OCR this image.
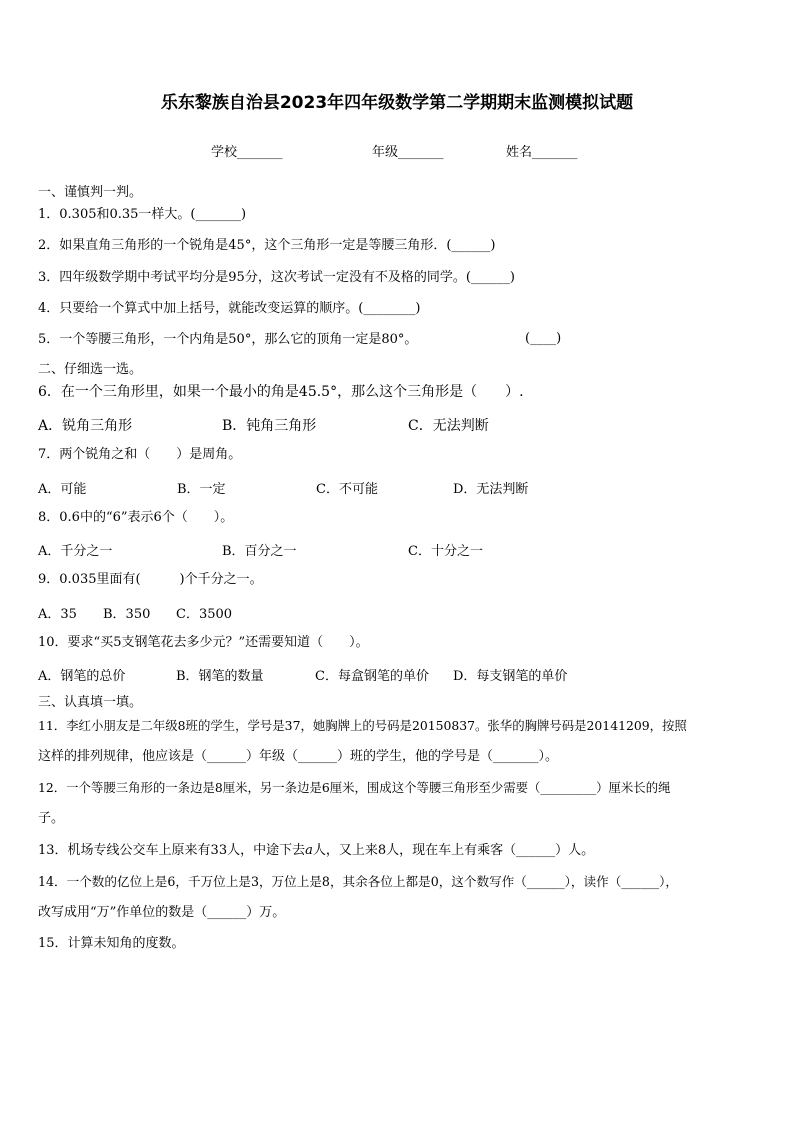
乐东黎族自治县2023年四年级数学第二学期期末监测模拟试题
学校_______	年级_______	姓名_______
一、谨慎判一判。
1．0.305和0.35一样大。(_______)
2．如果直角三角形的一个锐角是45°，这个三角形一定是等腰三角形．(______)
3．四年级数学期中考试平均分是95分，这次考试一定没有不及格的同学。(______)
4．只要给一个算式中加上括号，就能改变运算的顺序。(________)
5．一个等腰三角形，一个内角是50°，那么它的顶角一定是80°。	(____)
二、仔细选一选。
6．在一个三角形里，如果一个最小的角是45.5°，那么这个三角形是（　　）.
A．锐角三角形	B．钝角三角形	C．无法判断
7．两个锐角之和（　　）是周角。
A．可能	B．一定	C．不可能	D．无法判断
8．0.6中的“6”表示6个（　　）。
A．千分之一	B．百分之一	C．十分之一
9．0.035里面有(　　　)个千分之一。
A．35 B．350 C．3500
10．要求“买5支钢笔花去多少元？”还需要知道（　　）。
A．钢笔的总价	B．钢笔的数量	C．每盒钢笔的单价 D．每支钢笔的单价
三、认真填一填。
11．李红小朋友是二年级8班的学生，学号是37，她胸牌上的号码是20150837。张华的胸牌号码是20141209，按照
这样的排列规律，他应该是（______）年级（______）班的学生，他的学号是（_______）。
12．一个等腰三角形的一条边是8厘米，另一条边是6厘米，围成这个等腰三角形至少需要（_________）厘米长的绳
子。
13．机场专线公交车上原来有33人，中途下去a人，又上来8人，现在车上有乘客（______）人。
14．一个数的亿位上是6，千万位上是3，万位上是8，其余各位上都是0，这个数写作（______），读作（______），
改写成用“万”作单位的数是（______）万。
15．计算未知角的度数。
